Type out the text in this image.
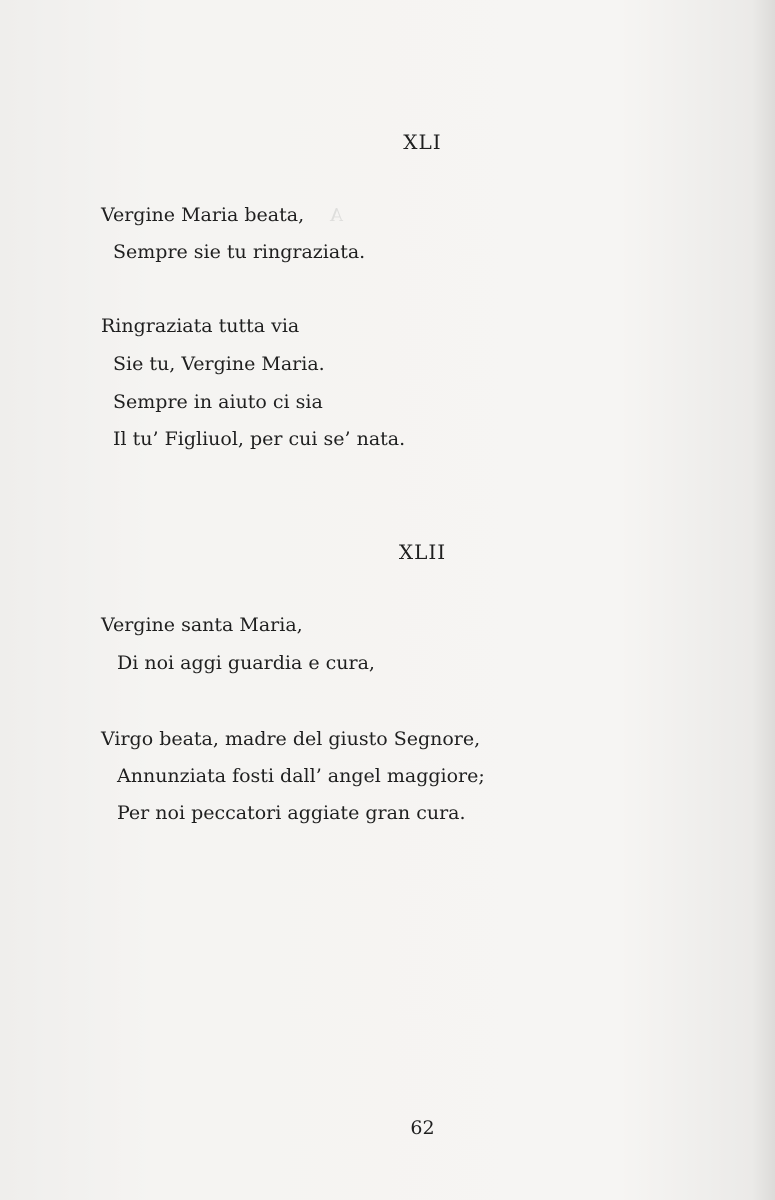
A
XLI
Vergine Maria beata,
Sempre sie tu ringraziata.
Ringraziata tutta via
Sie tu, Vergine Maria.
Sempre in aiuto ci sia
Il tu’ Figliuol, per cui se’ nata.
XLII
Vergine santa Maria,
Di noi aggi guardia e cura,
Virgo beata, madre del giusto Segnore,
Annunziata fosti dall’ angel maggiore;
Per noi peccatori aggiate gran cura.
62
